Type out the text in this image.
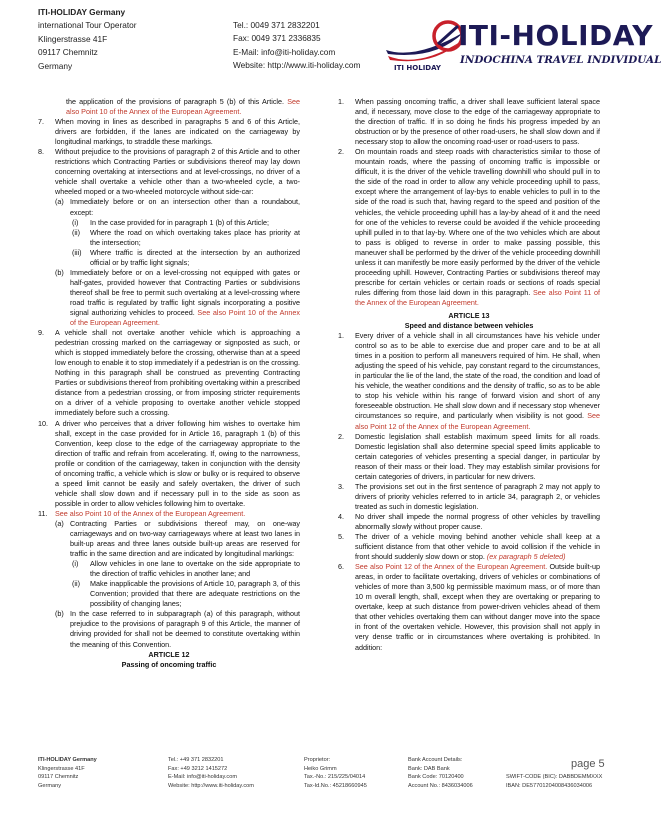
ITI-HOLIDAY Germany
international Tour Operator
Klingerstrasse 41F
09117 Chemnitz
Germany
Tel.: 0049 371 2832201
Fax: 0049 371 2336835
E-Mail: info@iti-holiday.com
Website: http://www.iti-holiday.com	ITI HOLIDAY
ITI-HOLIDAY
INDOCHINA TRAVEL INDIVIDUAL

the application of the provisions of paragraph 5 (b) of this Article. See also Point 10 of the Annex of the European Agreement.

7. When moving in lines as described in paragraphs 5 and 6 of this Article, drivers are forbidden, if the lanes are indicated on the carriageway by longitudinal markings, to straddle these markings.
8. Without prejudice to the provisions of paragraph 2 of this Article and to other restrictions which Contracting Parties or subdivisions thereof may lay down concerning overtaking at intersections and at level-crossings, no driver of a vehicle shall overtake a vehicle other than a two-wheeled cycle, a two-wheeled moped or a two-wheeled motorcycle without side-car:
(a) Immediately before or on an intersection other than a roundabout, except:
(i) In the case provided for in paragraph 1 (b) of this Article;
(ii) Where the road on which overtaking takes place has priority at the intersection;
(iii) Where traffic is directed at the intersection by an authorized official or by traffic light signals;
(b) Immediately before or on a level-crossing not equipped with gates or half-gates, provided however that Contracting Parties or subdivisions thereof shall be free to permit such overtaking at a level-crossing where road traffic is regulated by traffic light signals incorporating a positive signal authorizing vehicles to proceed. See also Point 10 of the Annex of the European Agreement.
9. A vehicle shall not overtake another vehicle which is approaching a pedestrian crossing marked on the carriageway or signposted as such, or which is stopped immediately before the crossing, otherwise than at a speed low enough to enable it to stop immediately if a pedestrian is on the crossing. Nothing in this paragraph shall be construed as preventing Contracting Parties or subdivisions thereof from prohibiting overtaking within a prescribed distance from a pedestrian crossing, or from imposing stricter requirements on a driver of a vehicle proposing to overtake another vehicle stopped immediately before such a crossing.
10. A driver who perceives that a driver following him wishes to overtake him shall, except in the case provided for in Article 16, paragraph 1 (b) of this Convention, keep close to the edge of the carriageway appropriate to the direction of traffic and refrain from accelerating. If, owing to the narrowness, profile or condition of the carriageway, taken in conjunction with the density of oncoming traffic, a vehicle which is slow or bulky or is required to observe a speed limit cannot be easily and safely overtaken, the driver of such vehicle shall slow down and if necessary pull in to the side as soon as possible in order to allow vehicles following him to overtake.
11. See also Point 10 of the Annex of the European Agreement.
(a) Contracting Parties or subdivisions thereof may, on one-way carriageways and on two-way carriageways where at least two lanes in built-up areas and three lanes outside built-up areas are reserved for traffic in the same direction and are indicated by longitudinal markings:
(i) Allow vehicles in one lane to overtake on the side appropriate to the direction of traffic vehicles in another lane; and
(ii) Make inapplicable the provisions of Article 10, paragraph 3, of this Convention; provided that there are adequate restrictions on the possibility of changing lanes;
(b) In the case referred to in subparagraph (a) of this paragraph, without prejudice to the provisions of paragraph 9 of this Article, the manner of driving provided for shall not be deemed to constitute overtaking within the meaning of this Convention.

ARTICLE 12

Passing of oncoming traffic

1. When passing oncoming traffic, a driver shall leave sufficient lateral space and, if necessary, move close to the edge of the carriageway appropriate to the direction of traffic. If in so doing he finds his progress impeded by an obstruction or by the presence of other road-users, he shall slow down and if necessary stop to allow the oncoming road-user or road-users to pass.
2. On mountain roads and steep roads with characteristics similar to those of mountain roads, where the passing of oncoming traffic is impossible or difficult, it is the driver of the vehicle travelling downhill who should pull in to the side of the road in order to allow any vehicle proceeding uphill to pass, except where the arrangement of lay-bys to enable vehicles to pull in to the side of the road is such that, having regard to the speed and position of the vehicles, the vehicle proceeding uphill has a lay-by ahead of it and the need for one of the vehicles to reverse could be avoided if the vehicle proceeding uphill pulled in to that lay-by. Where one of the two vehicles which are about to pass is obliged to reverse in order to make passing possible, this maneuver shall be performed by the driver of the vehicle proceeding downhill unless it can manifestly be more easily performed by the driver of the vehicle proceeding uphill. However, Contracting Parties or subdivisions thereof may prescribe for certain vehicles or certain roads or sections of roads special rules differing from those laid down in this paragraph. See also Point 11 of the Annex of the European Agreement.

ARTICLE 13

Speed and distance between vehicles

1. Every driver of a vehicle shall in all circumstances have his vehicle under control so as to be able to exercise due and proper care and to be at all times in a position to perform all maneuvers required of him. He shall, when adjusting the speed of his vehicle, pay constant regard to the circumstances, in particular the lie of the land, the state of the road, the condition and load of his vehicle, the weather conditions and the density of traffic, so as to be able to stop his vehicle within his range of forward vision and short of any foreseeable obstruction. He shall slow down and if necessary stop whenever circumstances so require, and particularly when visibility is not good. See also Point 12 of the Annex of the European Agreement.
2. Domestic legislation shall establish maximum speed limits for all roads. Domestic legislation shall also determine special speed limits applicable to certain categories of vehicles presenting a special danger, in particular by reason of their mass or their load. They may establish similar provisions for certain categories of drivers, in particular for new drivers.
3. The provisions set out in the first sentence of paragraph 2 may not apply to drivers of priority vehicles referred to in article 34, paragraph 2, or vehicles treated as such in domestic legislation.
4. No driver shall impede the normal progress of other vehicles by travelling abnormally slowly without proper cause.
5. The driver of a vehicle moving behind another vehicle shall keep at a sufficient distance from that other vehicle to avoid collision if the vehicle in front should suddenly slow down or stop. (ex paragraph 5 deleted)
6. See also Point 12 of the Annex of the European Agreement. Outside built-up areas, in order to facilitate overtaking, drivers of vehicles or combinations of vehicles of more than 3,500 kg permissible maximum mass, or of more than 10 m overall length, shall, except when they are overtaking or preparing to overtake, keep at such distance from power-driven vehicles ahead of them that other vehicles overtaking them can without danger move into the space in front of the overtaken vehicle. However, this provision shall not apply in very dense traffic or in circumstances where overtaking is prohibited. In addition:
ITI-HOLIDAY Germany
Klingerstrasse 41F
09117 Chemnitz
Germany
Tel.: +49 371 2832201
Fax: +49 3212 1415272
E-Mail: info@iti-holiday.com
Website: http://www.iti-holiday.com
Proprietor:
Heiko Grimm
Tax.-No.: 215/225/04014
Tax-Id.No.: 45218660945
Bank Account Details:
Bank: DAB Bank
Bank Code: 70120400
Account No.: 8436034006
SWIFT-CODE (BIC): DABBDEMMXXX
IBAN: DE57701204008436034006
page 5
